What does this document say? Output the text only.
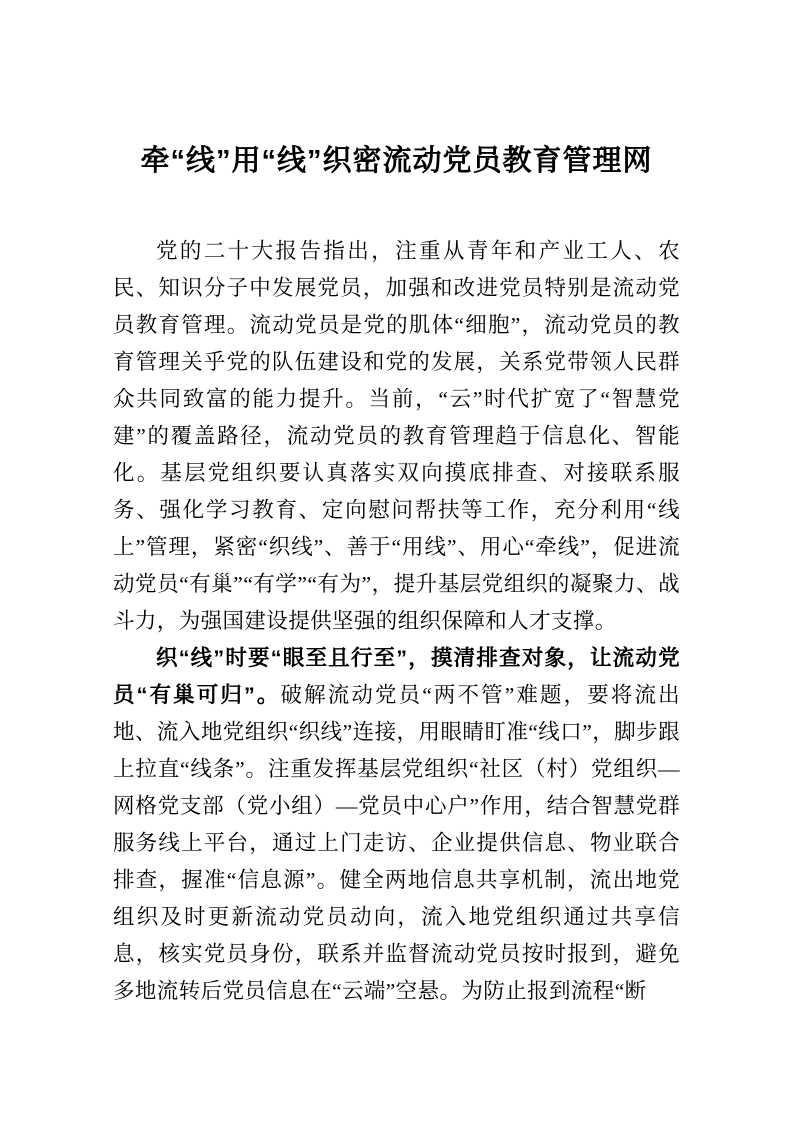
牵“线”用“线”织密流动党员教育管理网

党的二十大报告指出，注重从青年和产业工人、农民、知识分子中发展党员，加强和改进党员特别是流动党员教育管理。流动党员是党的肌体“细胞”，流动党员的教育管理关乎党的队伍建设和党的发展，关系党带领人民群众共同致富的能力提升。当前，“云”时代扩宽了“智慧党建”的覆盖路径，流动党员的教育管理趋于信息化、智能化。基层党组织要认真落实双向摸底排查、对接联系服务、强化学习教育、定向慰问帮扶等工作，充分利用“线上”管理，紧密“织线”、善于“用线”、用心“牵线”，促进流动党员“有巢”“有学”“有为”，提升基层党组织的凝聚力、战斗力，为强国建设提供坚强的组织保障和人才支撑。

织“线”时要“眼至且行至”，摸清排查对象，让流动党员“有巢可归”。破解流动党员“两不管”难题，要将流出地、流入地党组织“织线”连接，用眼睛盯准“线口”，脚步跟上拉直“线条”。注重发挥基层党组织“社区（村）党组织—网格党支部（党小组）—党员中心户”作用，结合智慧党群服务线上平台，通过上门走访、企业提供信息、物业联合排查，握准“信息源”。健全两地信息共享机制，流出地党组织及时更新流动党员动向，流入地党组织通过共享信息，核实党员身份，联系并监督流动党员按时报到，避免多地流转后党员信息在“云端”空悬。为防止报到流程“断
